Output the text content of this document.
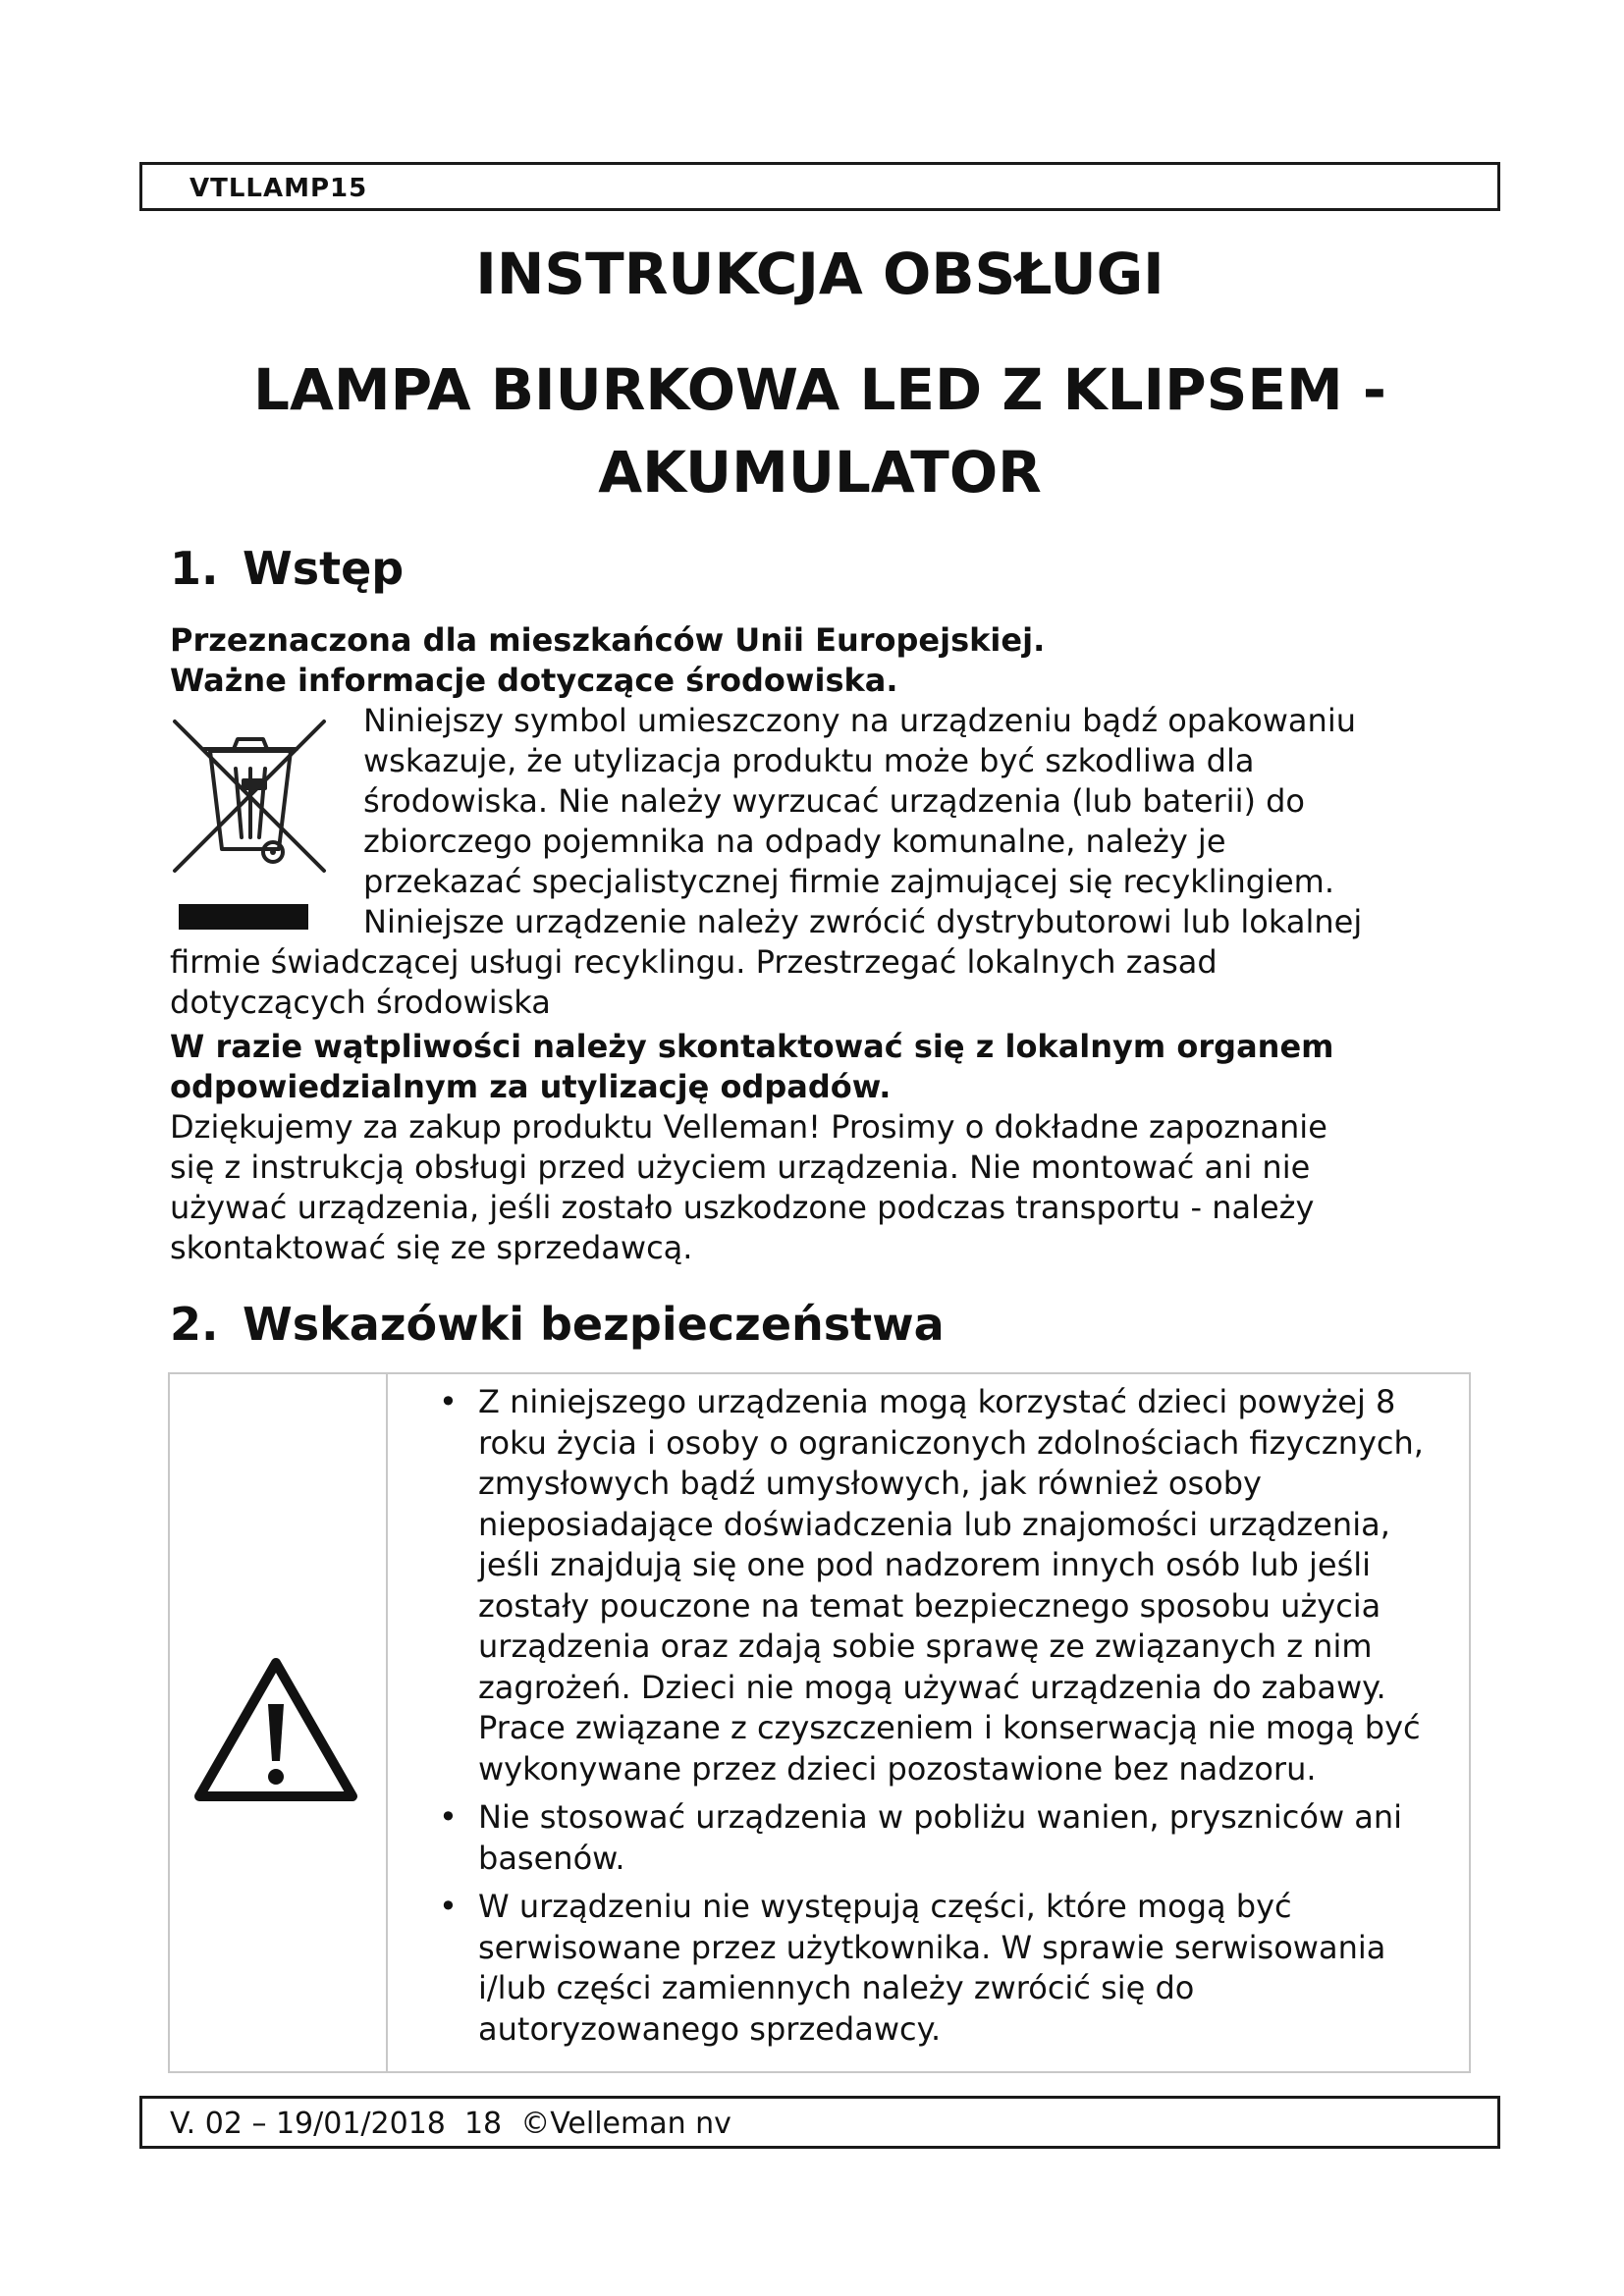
VTLLAMP15
INSTRUKCJA OBSŁUGI
LAMPA BIURKOWA LED Z KLIPSEM -
AKUMULATOR
1. Wstęp
Przeznaczona dla mieszkańców Unii Europejskiej.
Ważne informacje dotyczące środowiska.
Niniejszy symbol umieszczony na urządzeniu bądź opakowaniu
wskazuje, że utylizacja produktu może być szkodliwa dla
środowiska. Nie należy wyrzucać urządzenia (lub baterii) do
zbiorczego pojemnika na odpady komunalne, należy je
przekazać specjalistycznej firmie zajmującej się recyklingiem.
Niniejsze urządzenie należy zwrócić dystrybutorowi lub lokalnej
firmie świadczącej usługi recyklingu. Przestrzegać lokalnych zasad
dotyczących środowiska
W razie wątpliwości należy skontaktować się z lokalnym organem
odpowiedzialnym za utylizację odpadów.
Dziękujemy za zakup produktu Velleman! Prosimy o dokładne zapoznanie
się z instrukcją obsługi przed użyciem urządzenia. Nie montować ani nie
używać urządzenia, jeśli zostało uszkodzone podczas transportu - należy
skontaktować się ze sprzedawcą.
2. Wskazówki bezpieczeństwa
• Z niniejszego urządzenia mogą korzystać dzieci powyżej 8 roku życia i osoby o ograniczonych zdolnościach fizycznych, zmysłowych bądź umysłowych, jak również osoby nieposiadające doświadczenia lub znajomości urządzenia, jeśli znajdują się one pod nadzorem innych osób lub jeśli zostały pouczone na temat bezpiecznego sposobu użycia urządzenia oraz zdają sobie sprawę ze związanych z nim zagrożeń. Dzieci nie mogą używać urządzenia do zabawy. Prace związane z czyszczeniem i konserwacją nie mogą być wykonywane przez dzieci pozostawione bez nadzoru.
• Nie stosować urządzenia w pobliżu wanien, pryszniców ani basenów.
• W urządzeniu nie występują części, które mogą być serwisowane przez użytkownika. W sprawie serwisowania i/lub części zamiennych należy zwrócić się do autoryzowanego sprzedawcy.
V. 02 – 19/01/2018 18 ©Velleman nv
